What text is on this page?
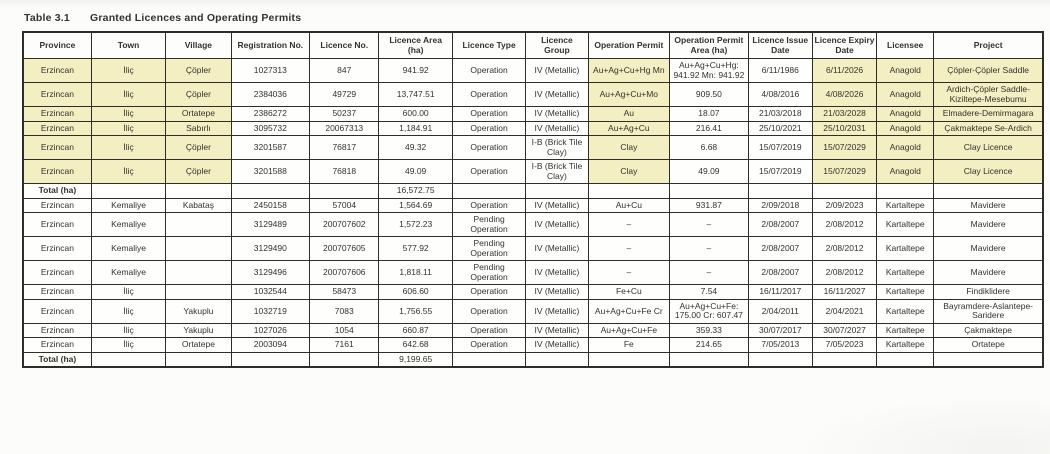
Table 3.1	Granted Licences and Operating Permits
Province	Town	Village	Registration No.	Licence No.	Licence Area (ha)	Licence Type	Licence Group	Operation Permit	Operation Permit Area (ha)	Licence Issue Date	Licence Expiry Date	Licensee	Project
Erzincan	İliç	Çöpler	1027313	847	941.92	Operation	IV (Metallic)	Au+Ag+Cu+Hg Mn	Au+Ag+Cu+Hg: 941.92 Mn: 941.92	6/11/1986	6/11/2026	Anagold	Çöpler-Çöpler Saddle
Erzincan	İliç	Çöpler	2384036	49729	13,747.51	Operation	IV (Metallic)	Au+Ag+Cu+Mo	909.50	4/08/2016	4/08/2026	Anagold	Ardich-Çöpler Saddle-Kiziltepe-Mesebumu
Erzincan	İliç	Ortatepe	2386272	50237	600.00	Operation	IV (Metallic)	Au	18.07	21/03/2018	21/03/2028	Anagold	Elmadere-Demirmagara
Erzincan	İliç	Sabırlı	3095732	20067313	1,184.91	Operation	IV (Metallic)	Au+Ag+Cu	216.41	25/10/2021	25/10/2031	Anagold	Çakmaktepe Se-Ardich
Erzincan	İliç	Çöpler	3201587	76817	49.32	Operation	I-B (Brick Tile Clay)	Clay	6.68	15/07/2019	15/07/2029	Anagold	Clay Licence
Erzincan	İliç	Çöpler	3201588	76818	49.09	Operation	I-B (Brick Tile Clay)	Clay	49.09	15/07/2019	15/07/2029	Anagold	Clay Licence
Total (ha)					16,572.75								
Erzincan	Kemaliye	Kabataş	2450158	57004	1,564.69	Operation	IV (Metallic)	Au+Cu	931.87	2/09/2018	2/09/2023	Kartaltepe	Mavidere
Erzincan	Kemaliye		3129489	200707602	1,572.23	Pending Operation	IV (Metallic)	–	–	2/08/2007	2/08/2012	Kartaltepe	Mavidere
Erzincan	Kemaliye		3129490	200707605	577.92	Pending Operation	IV (Metallic)	–	–	2/08/2007	2/08/2012	Kartaltepe	Mavidere
Erzincan	Kemaliye		3129496	200707606	1,818.11	Pending Operation	IV (Metallic)	–	–	2/08/2007	2/08/2012	Kartaltepe	Mavidere
Erzincan	İliç		1032544	58473	606.60	Operation	IV (Metallic)	Fe+Cu	7.54	16/11/2017	16/11/2027	Kartaltepe	Findiklidere
Erzincan	İliç	Yakuplu	1032719	7083	1,756.55	Operation	IV (Metallic)	Au+Ag+Cu+Fe Cr	Au+Ag+Cu+Fe: 175.00 Cr: 607.47	2/04/2011	2/04/2021	Kartaltepe	Bayramdere-Aslantepe-Saridere
Erzincan	İliç	Yakuplu	1027026	1054	660.87	Operation	IV (Metallic)	Au+Ag+Cu+Fe	359.33	30/07/2017	30/07/2027	Kartaltepe	Çakmaktepe
Erzincan	İliç	Ortatepe	2003094	7161	642.68	Operation	IV (Metallic)	Fe	214.65	7/05/2013	7/05/2023	Kartaltepe	Ortatepe
Total (ha)					9,199.65								
